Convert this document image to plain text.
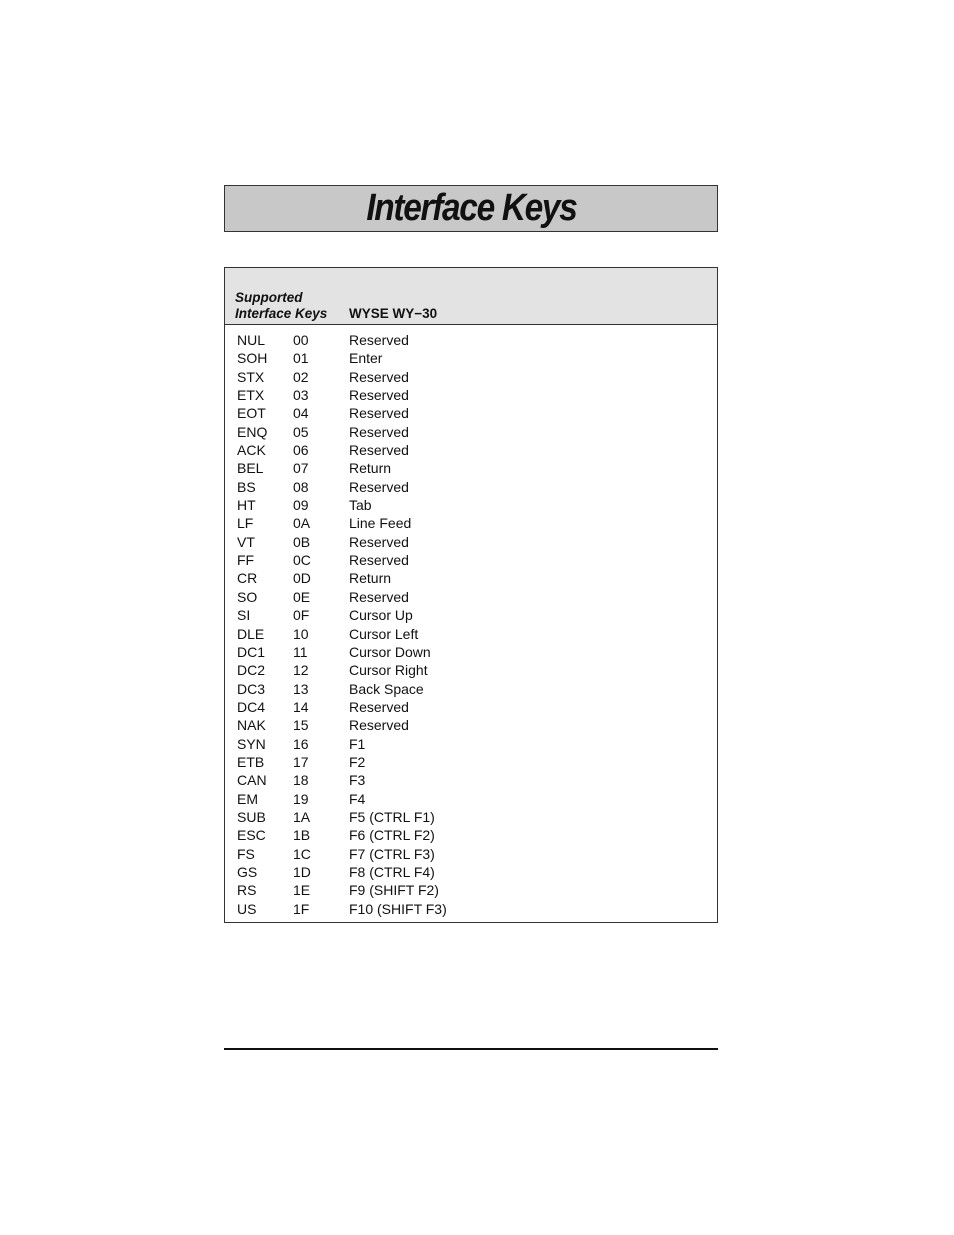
Interface Keys
Supported
Interface Keys WYSE WY−30
NUL 00	Reserved
SOH 01	Enter
STX 02	Reserved
ETX 03	Reserved
EOT 04	Reserved
ENQ 05	Reserved
ACK 06	Reserved
BEL 07	Return
BS	08	Reserved
HT	09	Tab
LF	0A	Line Feed
VT	0B	Reserved
FF	0C	Reserved
CR	0D	Return
SO	0E	Reserved
SI	0F	Cursor Up
DLE 10	Cursor Left
DC1 11	Cursor Down
DC2 12	Cursor Right
DC3 13	Back Space
DC4 14	Reserved
NAK 15	Reserved
SYN 16	F1
ETB 17	F2
CAN 18	F3
EM	19	F4
SUB 1A	F5 (CTRL F1)
ESC 1B	F6 (CTRL F2)
FS	1C	F7 (CTRL F3)
GS	1D	F8 (CTRL F4)
RS	1E	F9 (SHIFT F2)
US	1F	F10 (SHIFT F3)
